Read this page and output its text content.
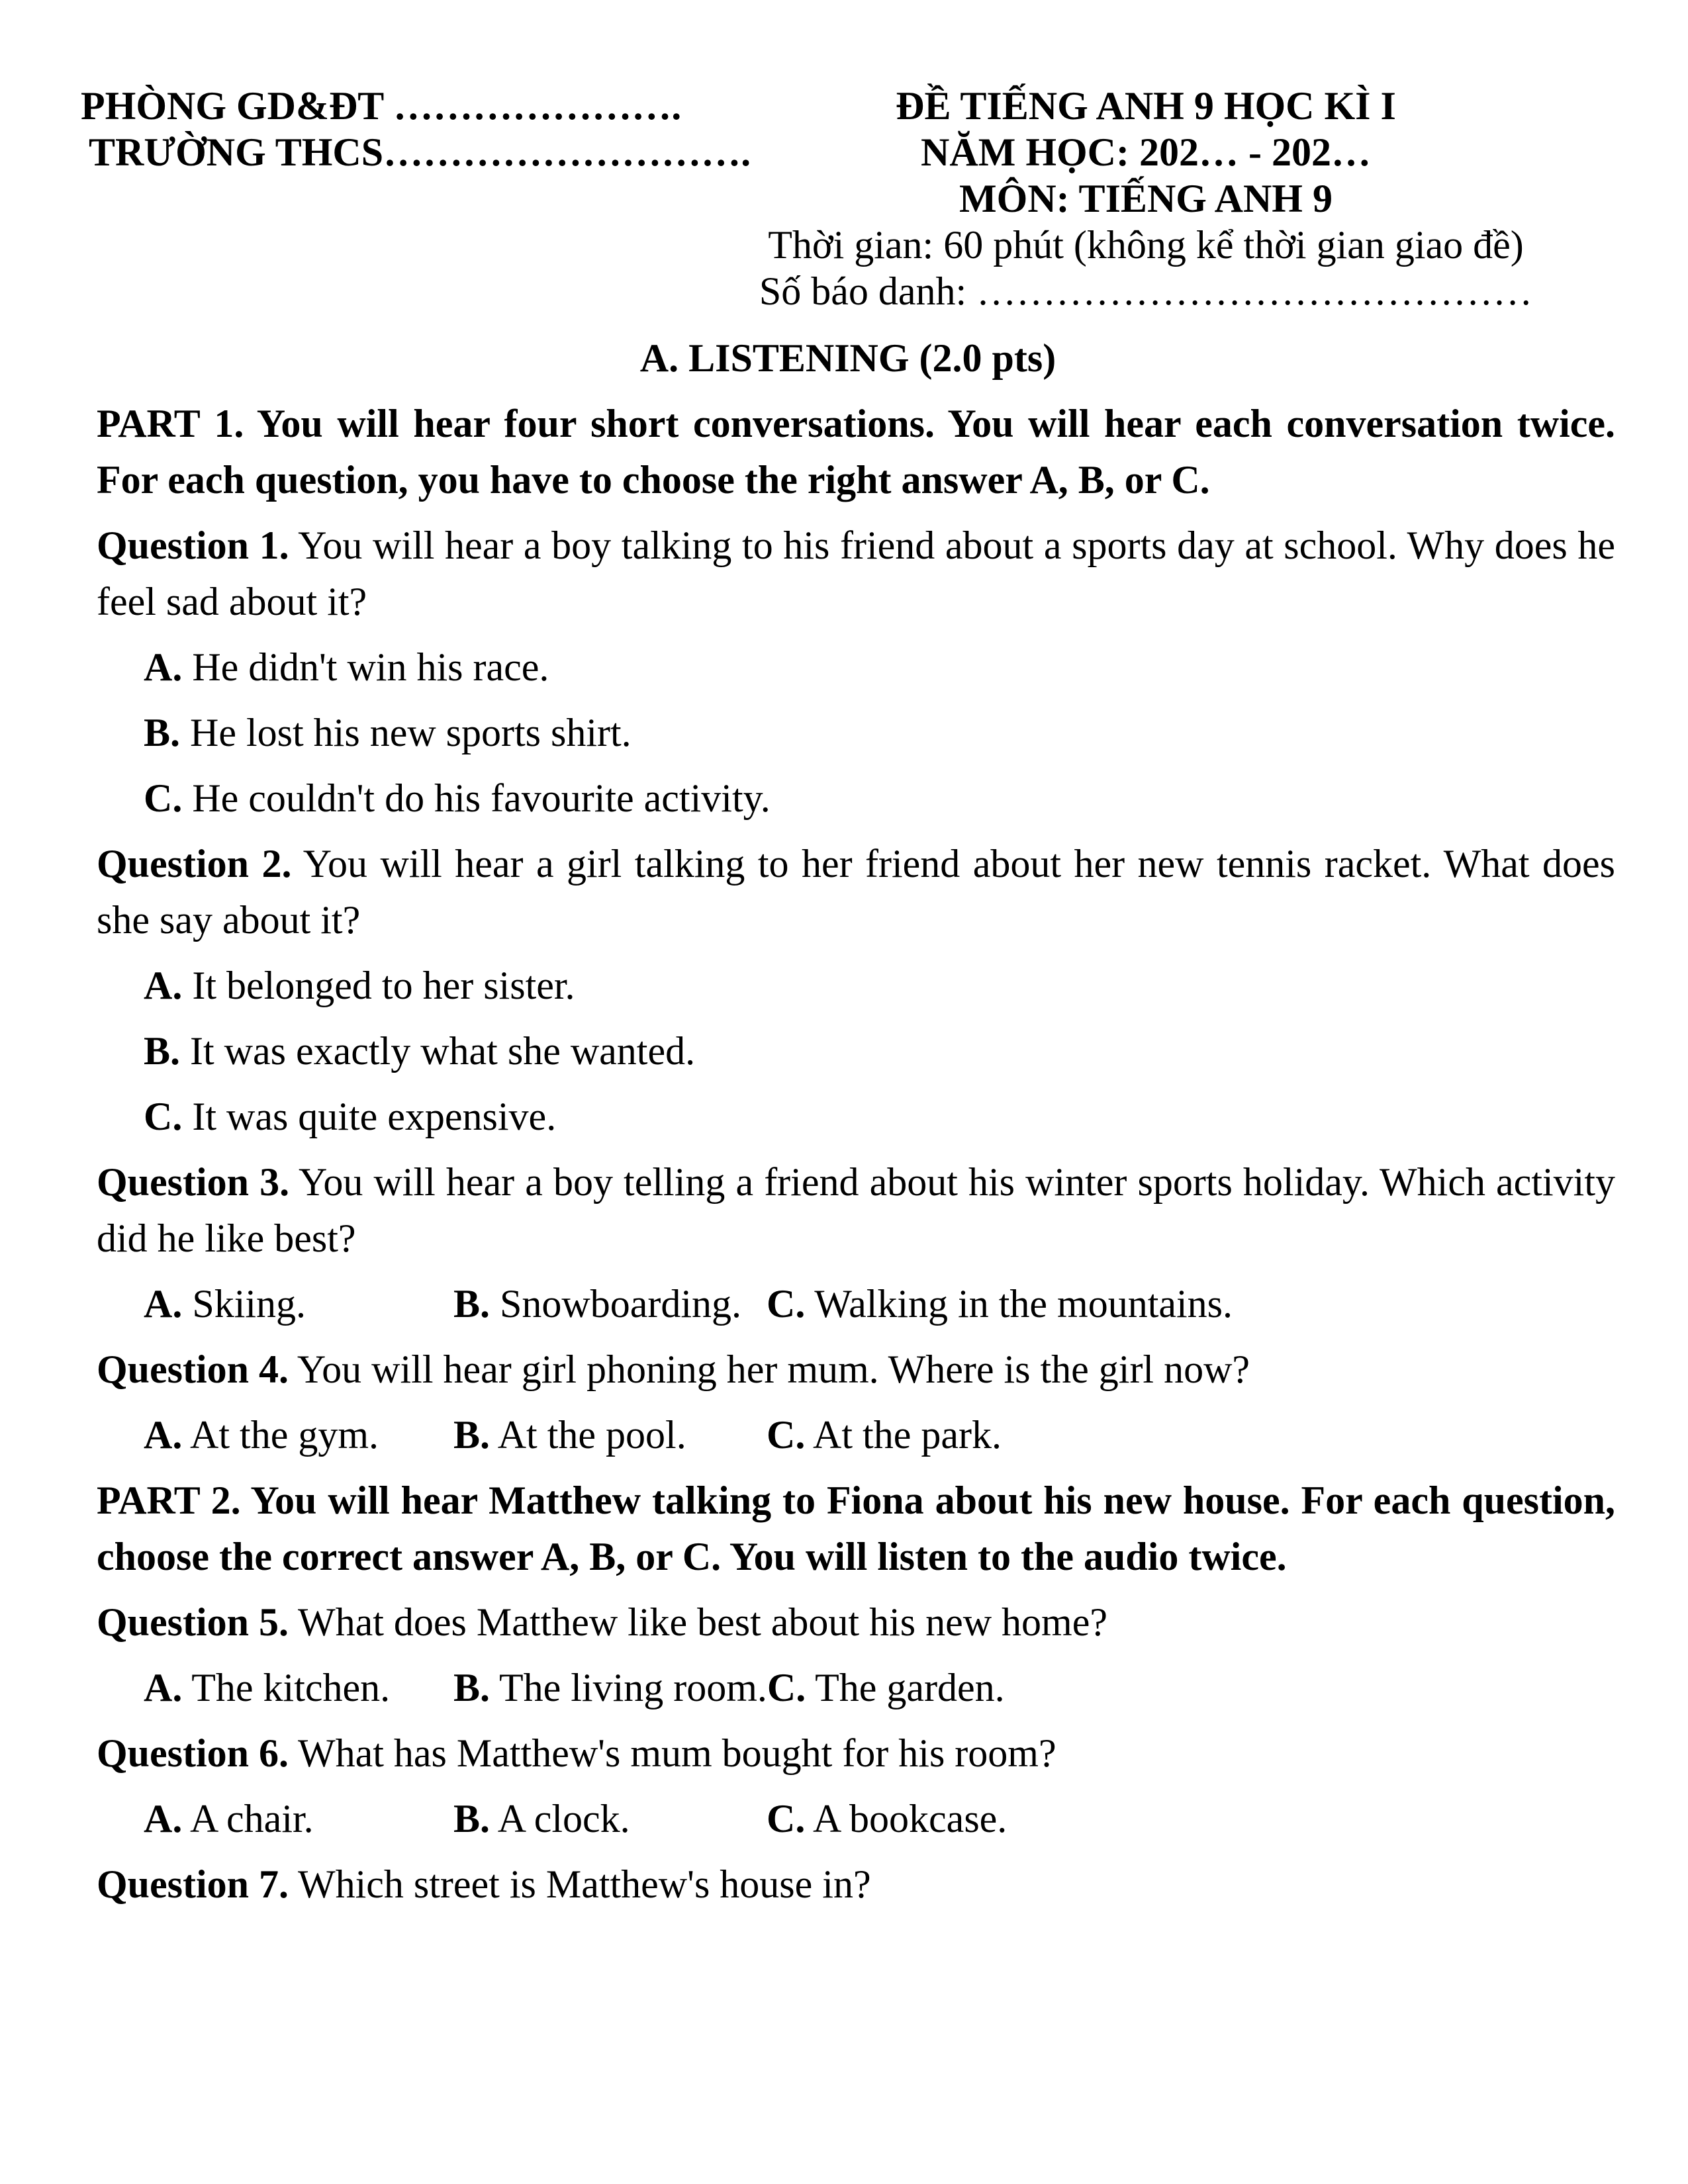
PHÒNG GD&ĐT ………………….
TRƯỜNG THCS……………………….
ĐỀ TIẾNG ANH 9 HỌC KÌ I
NĂM HỌC: 202… - 202…
MÔN: TIẾNG ANH 9
Thời gian: 60 phút (không kể thời gian giao đề)
Số báo danh: ……………………………………
A. LISTENING (2.0 pts)

PART 1. You will hear four short conversations. You will hear each conversation twice. For each question, you have to choose the right answer A, B, or C.

Question 1. You will hear a boy talking to his friend about a sports day at school. Why does he feel sad about it?

A. He didn't win his race.

B. He lost his new sports shirt.

C. He couldn't do his favourite activity.

Question 2. You will hear a girl talking to her friend about her new tennis racket. What does she say about it?

A. It belonged to her sister.

B. It was exactly what she wanted.

C. It was quite expensive.

Question 3. You will hear a boy telling a friend about his winter sports holiday. Which activity did he like best?

A. Skiing.	B. Snowboarding. C. Walking in the mountains.

Question 4. You will hear girl phoning her mum. Where is the girl now?

A. At the gym.	B. At the pool.	C. At the park.

PART 2. You will hear Matthew talking to Fiona about his new house. For each question, choose the correct answer A, B, or C. You will listen to the audio twice.

Question 5. What does Matthew like best about his new home?

A. The kitchen.	B. The living room. C. The garden.

Question 6. What has Matthew's mum bought for his room?

A. A chair.	B. A clock.	C. A bookcase.

Question 7. Which street is Matthew's house in?
